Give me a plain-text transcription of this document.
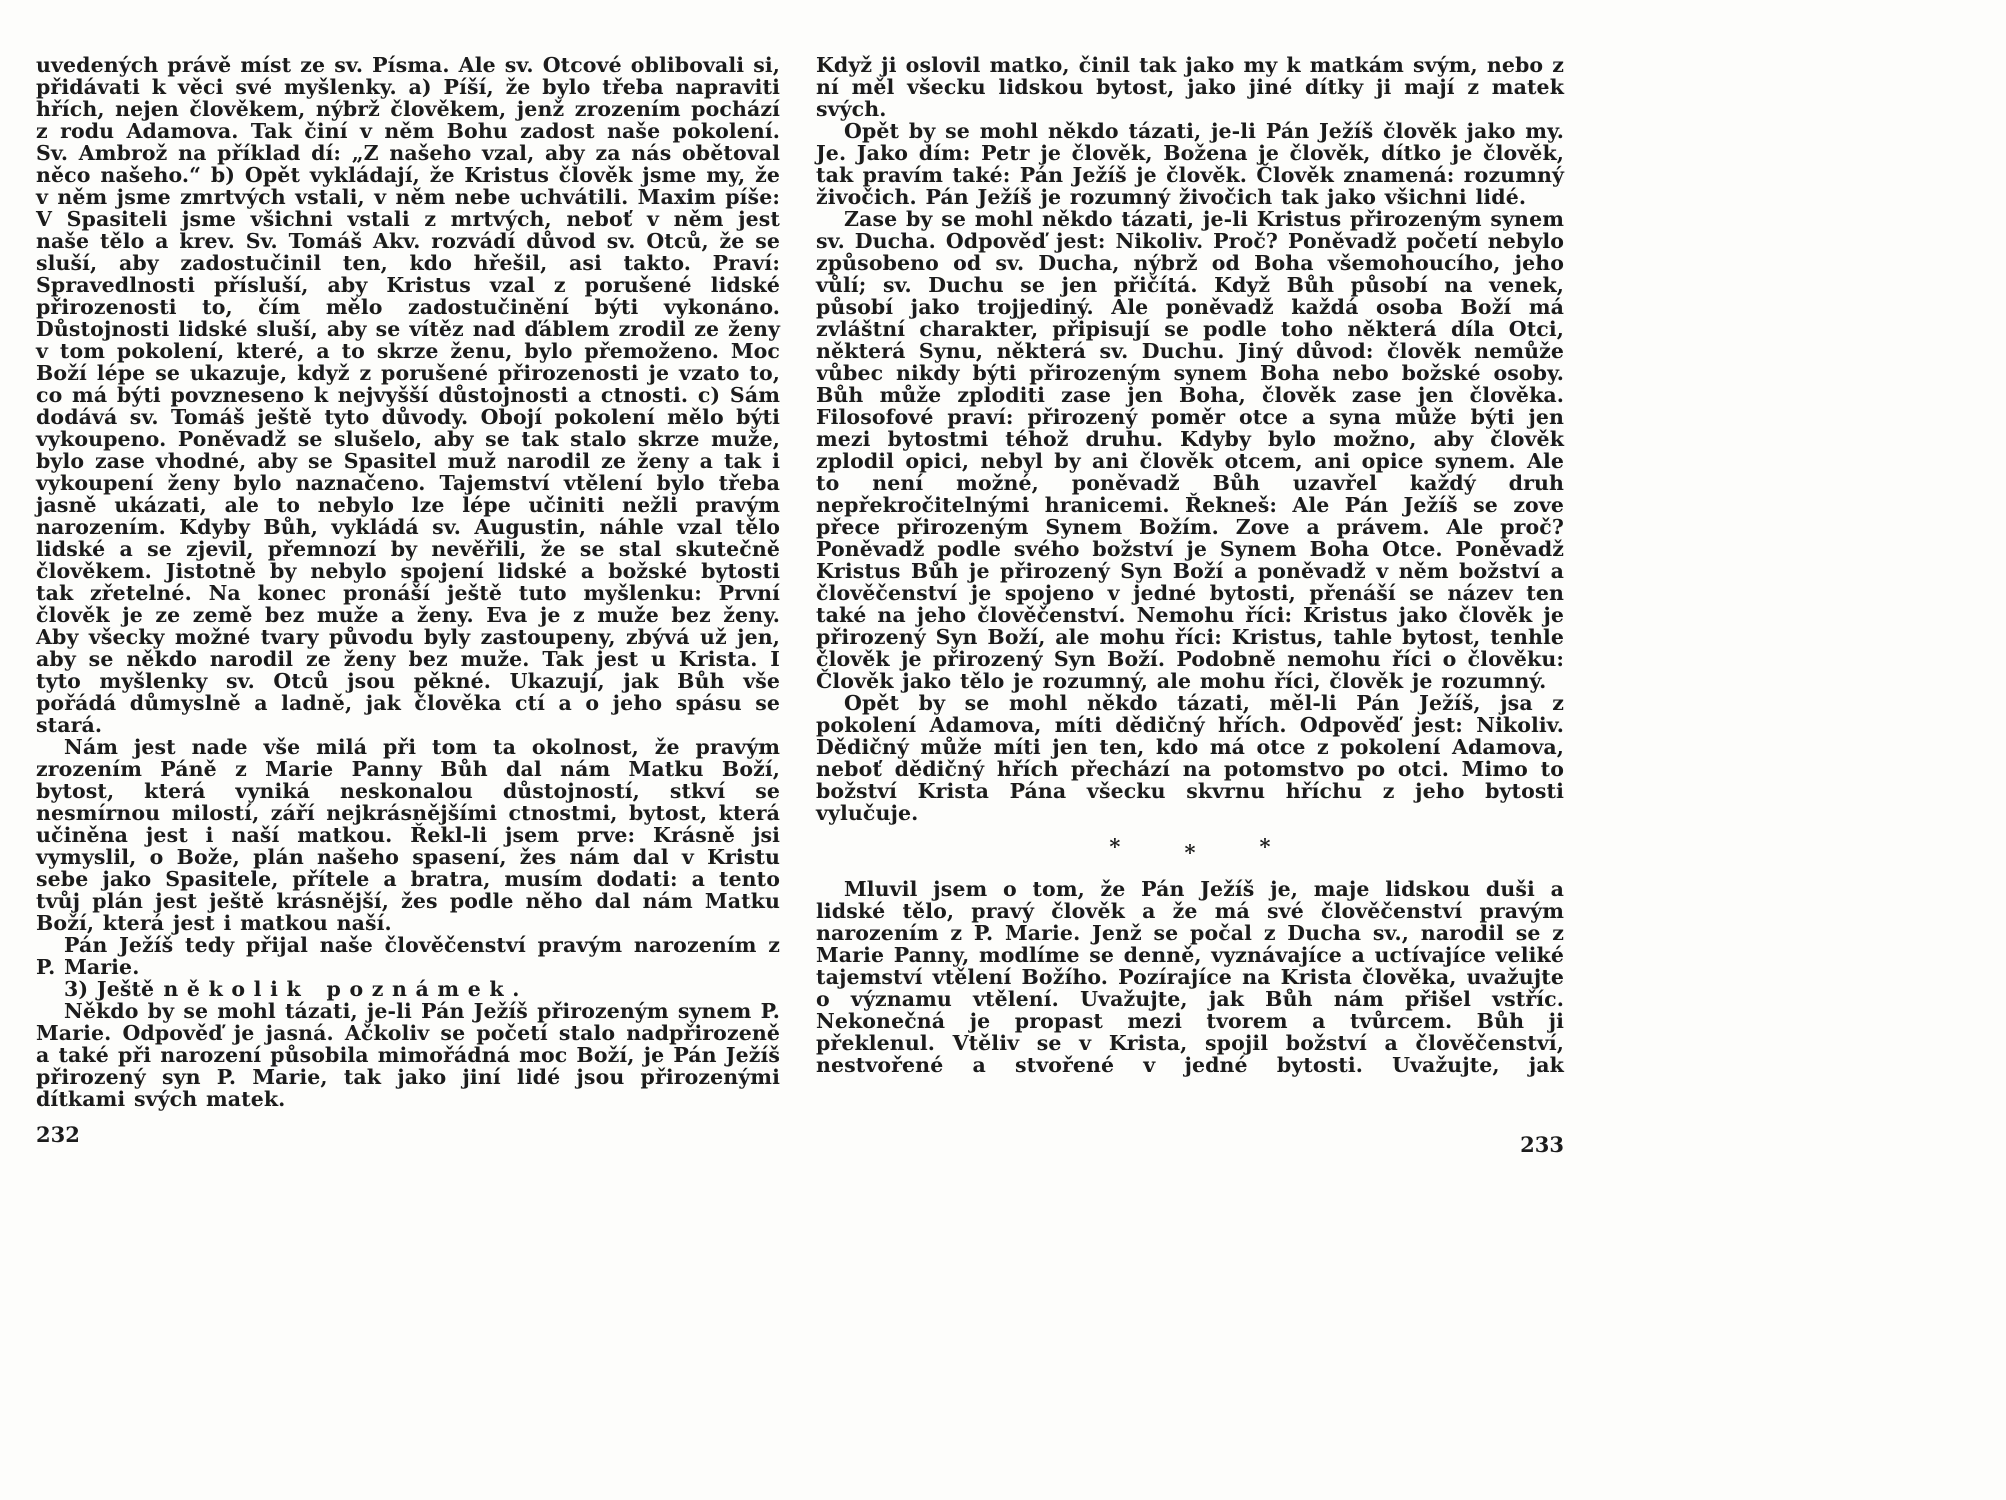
uvedených právě míst ze sv. Písma. Ale sv. Otcové oblibovali si, přidávati k věci své myšlenky. a) Píší, že bylo třeba napraviti hřích, nejen člověkem, nýbrž člověkem, jenž zrozením pochází z rodu Adamova. Tak činí v něm Bohu zadost naše pokolení. Sv. Ambrož na příklad dí: „Z našeho vzal, aby za nás obětoval něco našeho.“ b) Opět vykládají, že Kristus člověk jsme my, že v něm jsme zmrtvých vstali, v něm nebe uchvátili. Maxim píše: V Spasiteli jsme všichni vstali z mrtvých, neboť v něm jest naše tělo a krev. Sv. Tomáš Akv. rozvádí důvod sv. Otců, že se sluší, aby zadostučinil ten, kdo hřešil, asi takto. Praví: Spravedlnosti přísluší, aby Kristus vzal z porušené lidské přirozenosti to, čím mělo zadostučinění býti vykonáno. Důstojnosti lidské sluší, aby se vítěz nad ďáblem zrodil ze ženy v tom pokolení, které, a to skrze ženu, bylo přemoženo. Moc Boží lépe se ukazuje, když z porušené přirozenosti je vzato to, co má býti povzneseno k nejvyšší důstojnosti a ctnosti. c) Sám dodává sv. Tomáš ještě tyto důvody. Obojí pokolení mělo býti vykoupeno. Poněvadž se slušelo, aby se tak stalo skrze muže, bylo zase vhodné, aby se Spasitel muž narodil ze ženy a tak i vykoupení ženy bylo naznačeno. Tajemství vtělení bylo třeba jasně ukázati, ale to nebylo lze lépe učiniti nežli pravým narozením. Kdyby Bůh, vykládá sv. Augustin, náhle vzal tělo lidské a se zjevil, přemnozí by nevěřili, že se stal skutečně člověkem. Jistotně by nebylo spojení lidské a božské bytosti tak zřetelné. Na konec pronáší ještě tuto myšlenku: První člověk je ze země bez muže a ženy. Eva je z muže bez ženy. Aby všecky možné tvary původu byly zastoupeny, zbývá už jen, aby se někdo narodil ze ženy bez muže. Tak jest u Krista. I tyto myšlenky sv. Otců jsou pěkné. Ukazují, jak Bůh vše pořádá důmyslně a ladně, jak člověka ctí a o jeho spásu se stará.

Nám jest nade vše milá při tom ta okolnost, že pravým zrozením Páně z Marie Panny Bůh dal nám Matku Boží, bytost, která vyniká neskonalou důstojností, stkví se nesmírnou milostí, září nejkrásnějšími ctnostmi, bytost, která učiněna jest i naší matkou. Řekl-li jsem prve: Krásně jsi vymyslil, o Bože, plán našeho spasení, žes nám dal v Kristu sebe jako Spasitele, přítele a bratra, musím dodati: a tento tvůj plán jest ještě krásnější, žes podle něho dal nám Matku Boží, která jest i matkou naší.

Pán Ježíš tedy přijal naše člověčenství pravým narozením z P. Marie.

3) Ještě několik poznámek.

Někdo by se mohl tázati, je-li Pán Ježíš přirozeným synem P. Marie. Odpověď je jasná. Ačkoliv se početí stalo nadpřirozeně a také při narození působila mimořádná moc Boží, je Pán Ježíš přirozený syn P. Marie, tak jako jiní lidé jsou přirozenými dítkami svých matek.

Když ji oslovil matko, činil tak jako my k matkám svým, nebo z ní měl všecku lidskou bytost, jako jiné dítky ji mají z matek svých.

Opět by se mohl někdo tázati, je-li Pán Ježíš člověk jako my. Je. Jako dím: Petr je člověk, Božena je člověk, dítko je člověk, tak pravím také: Pán Ježíš je člověk. Člověk znamená: rozumný živočich. Pán Ježíš je rozumný živočich tak jako všichni lidé.

Zase by se mohl někdo tázati, je-li Kristus přirozeným synem sv. Ducha. Odpověď jest: Nikoliv. Proč? Poněvadž početí nebylo způsobeno od sv. Ducha, nýbrž od Boha všemohoucího, jeho vůlí; sv. Duchu se jen přičítá. Když Bůh působí na venek, působí jako trojjediný. Ale poněvadž každá osoba Boží má zvláštní charakter, připisují se podle toho některá díla Otci, některá Synu, některá sv. Duchu. Jiný důvod: člověk nemůže vůbec nikdy býti přirozeným synem Boha nebo božské osoby. Bůh může zploditi zase jen Boha, člověk zase jen člověka. Filosofové praví: přirozený poměr otce a syna může býti jen mezi bytostmi téhož druhu. Kdyby bylo možno, aby člověk zplodil opici, nebyl by ani člověk otcem, ani opice synem. Ale to není možné, poněvadž Bůh uzavřel každý druh nepřekročitelnými hranicemi. Řekneš: Ale Pán Ježíš se zove přece přirozeným Synem Božím. Zove a právem. Ale proč? Poněvadž podle svého božství je Synem Boha Otce. Poněvadž Kristus Bůh je přirozený Syn Boží a poněvadž v něm božství a člověčenství je spojeno v jedné bytosti, přenáší se název ten také na jeho člověčenství. Nemohu říci: Kristus jako člověk je přirozený Syn Boží, ale mohu říci: Kristus, tahle bytost, tenhle člověk je přirozený Syn Boží. Podobně nemohu říci o člověku: Člověk jako tělo je rozumný, ale mohu říci, člověk je rozumný.

Opět by se mohl někdo tázati, měl-li Pán Ježíš, jsa z pokolení Adamova, míti dědičný hřích. Odpověď jest: Nikoliv. Dědičný může míti jen ten, kdo má otce z pokolení Adamova, neboť dědičný hřích přechází na potomstvo po otci. Mimo to božství Krista Pána všecku skvrnu hříchu z jeho bytosti vylučuje.

*	*	*

Mluvil jsem o tom, že Pán Ježíš je, maje lidskou duši a lidské tělo, pravý člověk a že má své člověčenství pravým narozením z P. Marie. Jenž se počal z Ducha sv., narodil se z Marie Panny, modlíme se denně, vyznávajíce a uctívajíce veliké tajemství vtělení Božího. Pozírajíce na Krista člověka, uvažujte o významu vtělení. Uvažujte, jak Bůh nám přišel vstříc. Nekonečná je propast mezi tvorem a tvůrcem. Bůh ji překlenul. Vtěliv se v Krista, spojil božství a člověčenství, nestvořené a stvořené v jedné bytosti. Uvažujte, jak

232	233
